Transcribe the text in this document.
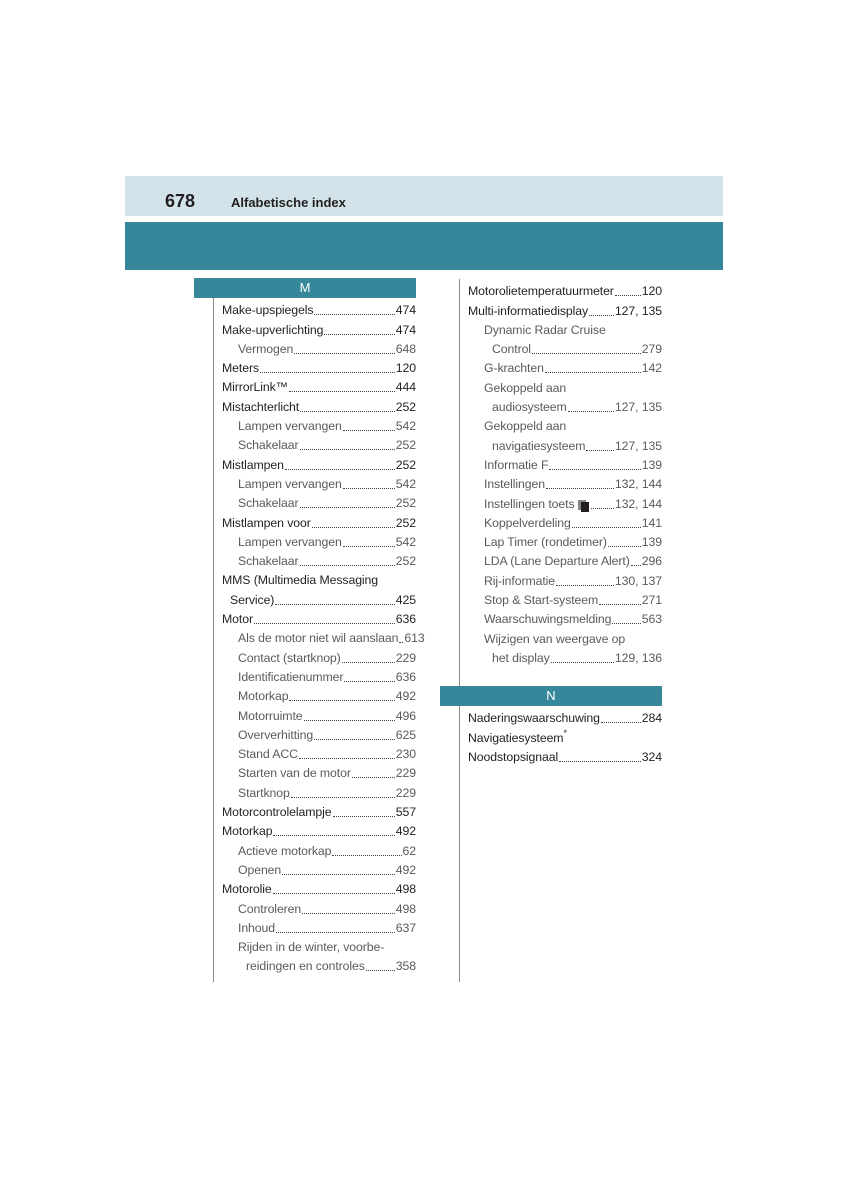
678	Alfabetische index
M
N
Make-upspiegels	474
Make-upverlichting	474
Vermogen	648
Meters	120
MirrorLink™	444
Mistachterlicht	252
Lampen vervangen	542
Schakelaar	252
Mistlampen	252
Lampen vervangen	542
Schakelaar	252
Mistlampen voor	252
Lampen vervangen	542
Schakelaar	252
MMS (Multimedia Messaging
Service)	425
Motor	636
Als de motor niet wil aanslaan 613
Contact (startknop)	229
Identificatienummer	636
Motorkap	492
Motorruimte	496
Oververhitting	625
Stand ACC	230
Starten van de motor	229
Startknop	229
Motorcontrolelampje	557
Motorkap	492
Actieve motorkap	62
Openen	492
Motorolie	498
Controleren	498
Inhoud	637
Rijden in de winter, voorbe-
reidingen en controles	358
Motorolietemperatuurmeter 120
Multi-informatiedisplay 127, 135
Dynamic Radar Cruise
Control	279
G-krachten	142
Gekoppeld aan
audiosysteem	127, 135
Gekoppeld aan
navigatiesysteem 127, 135
Informatie F	139
Instellingen	132, 144
Instellingen toets	132, 144
Koppelverdeling	141
Lap Timer (rondetimer)	139
LDA (Lane Departure Alert) 296
Rij-informatie	130, 137
Stop & Start-systeem	271
Waarschuwingsmelding 563
Wijzigen van weergave op
het display	129, 136
Naderingswaarschuwing	284
Navigatiesysteem*
Noodstopsignaal	324
